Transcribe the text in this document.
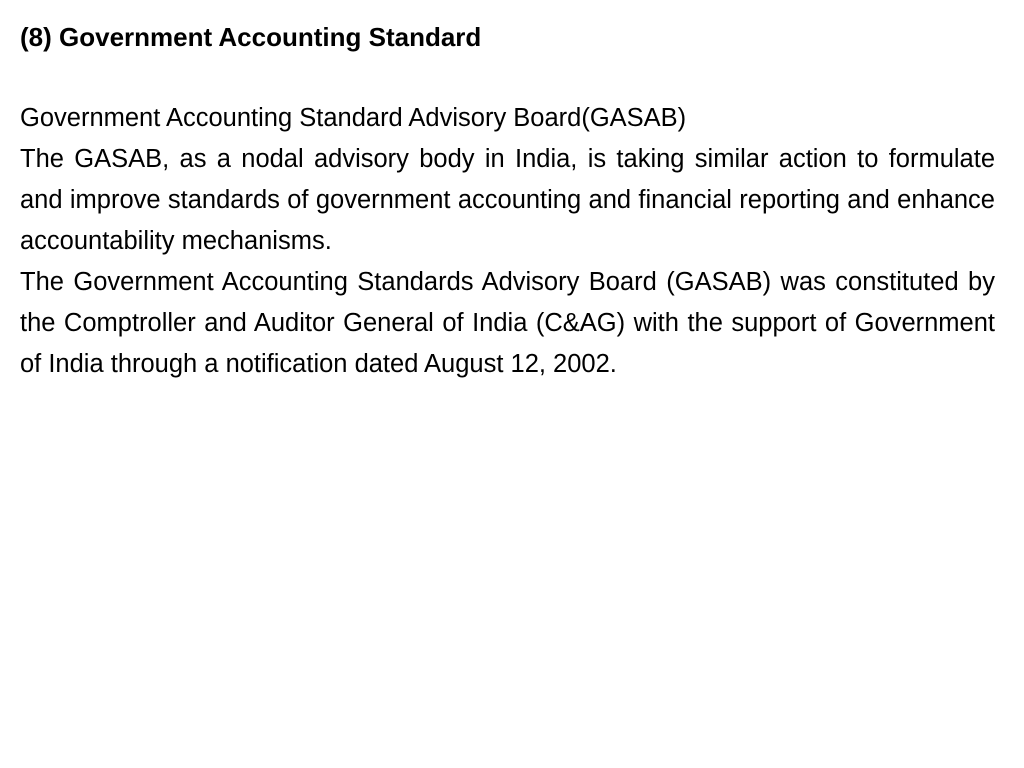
(8) Government Accounting Standard

Government Accounting Standard Advisory Board(GASAB)

The GASAB, as a nodal advisory body in India, is taking similar action to formulate and improve standards of government accounting and financial reporting and enhance accountability mechanisms.

The Government Accounting Standards Advisory Board (GASAB) was constituted by the Comptroller and Auditor General of India (C&AG) with the support of Government of India through a notification dated August 12, 2002.
